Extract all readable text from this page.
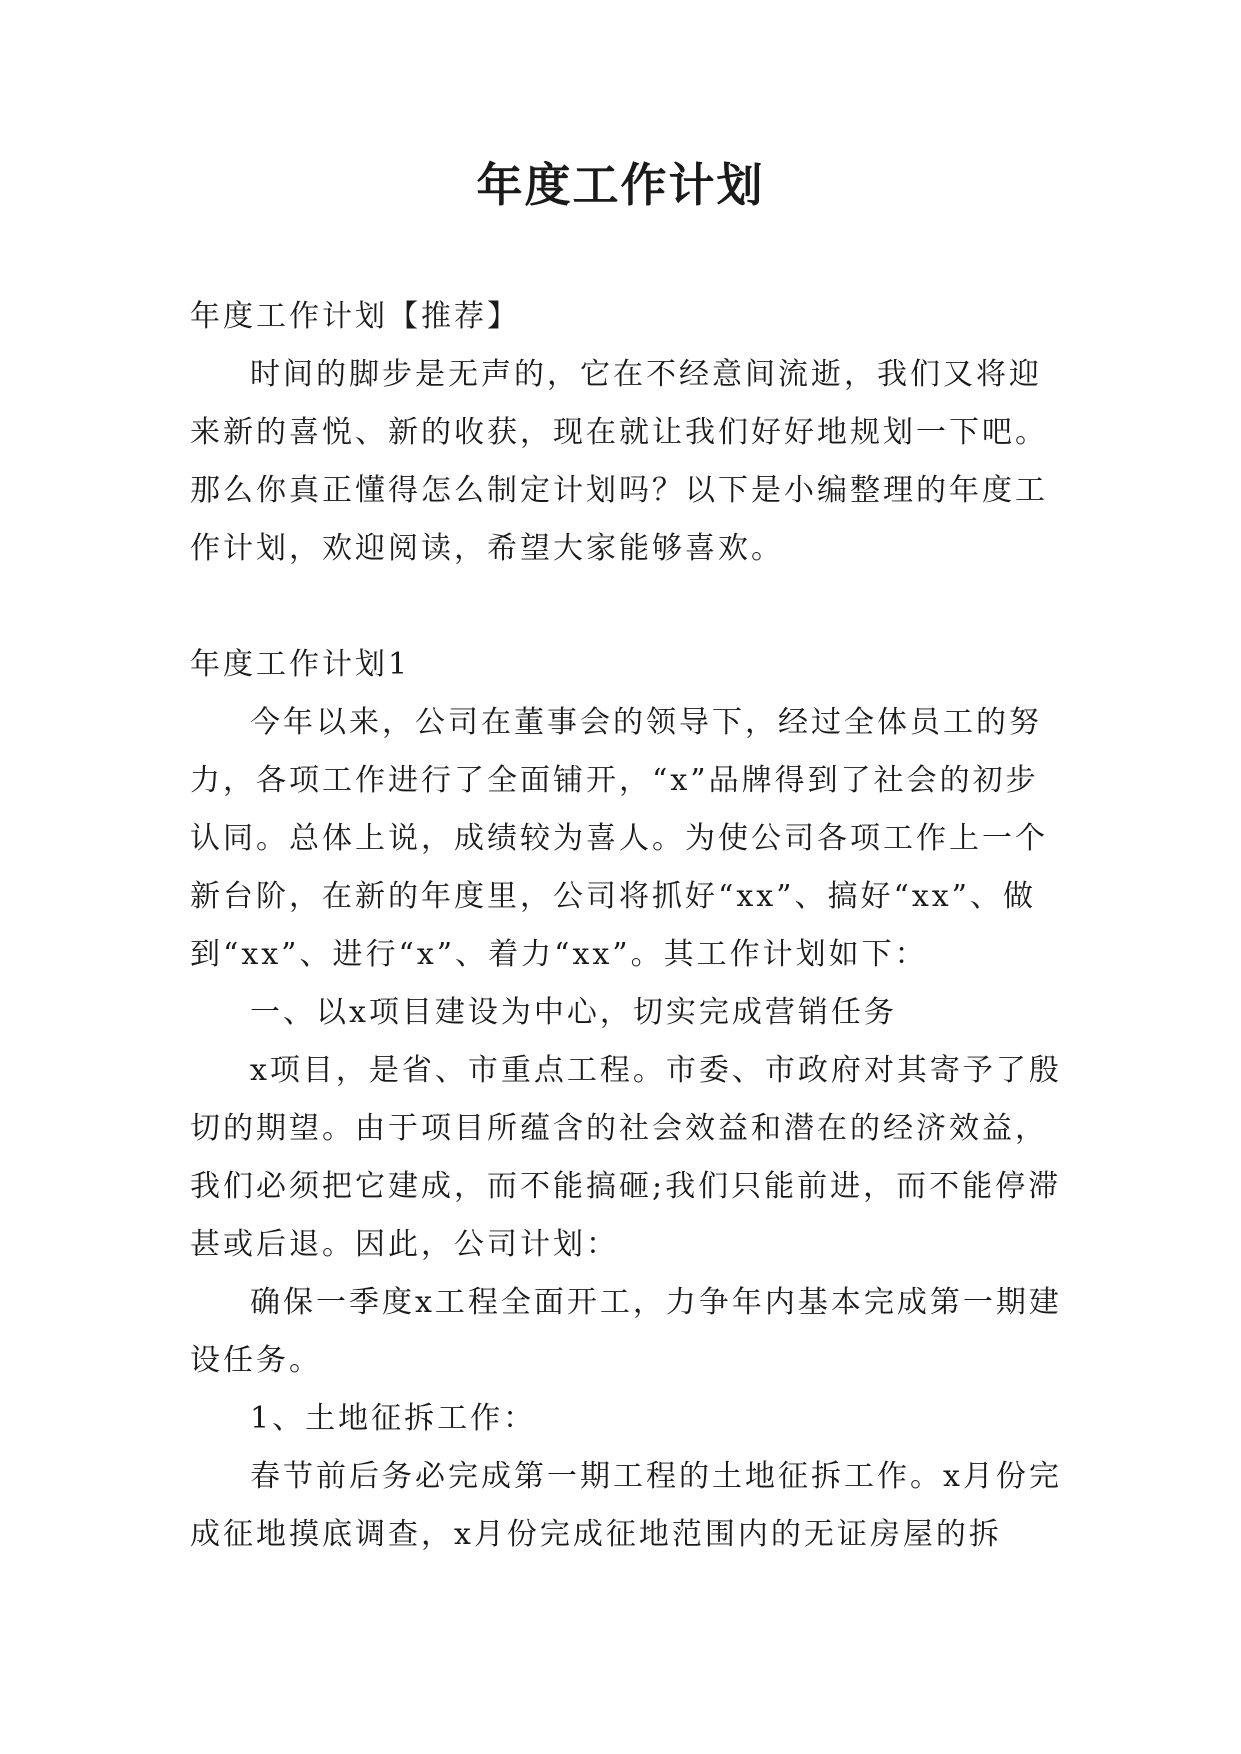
年度工作计划

年度工作计划【推荐】

时间的脚步是无声的，它在不经意间流逝，我们又将迎来新的喜悦、新的收获，现在就让我们好好地规划一下吧。那么你真正懂得怎么制定计划吗？以下是小编整理的年度工作计划，欢迎阅读，希望大家能够喜欢。

年度工作计划1

今年以来，公司在董事会的领导下，经过全体员工的努力，各项工作进行了全面铺开，“x”品牌得到了社会的初步认同。总体上说，成绩较为喜人。为使公司各项工作上一个新台阶，在新的年度里，公司将抓好“xx”、搞好“xx”、做到“xx”、进行“x”、着力“xx”。其工作计划如下：

一、以x项目建设为中心，切实完成营销任务

x项目，是省、市重点工程。市委、市政府对其寄予了殷切的期望。由于项目所蕴含的社会效益和潜在的经济效益，我们必须把它建成，而不能搞砸;我们只能前进，而不能停滞甚或后退。因此，公司计划：

确保一季度x工程全面开工，力争年内基本完成第一期建设任务。

1、土地征拆工作：

春节前后务必完成第一期工程的土地征拆工作。x月份完成征地摸底调查，x月份完成征地范围内的无证房屋的拆
